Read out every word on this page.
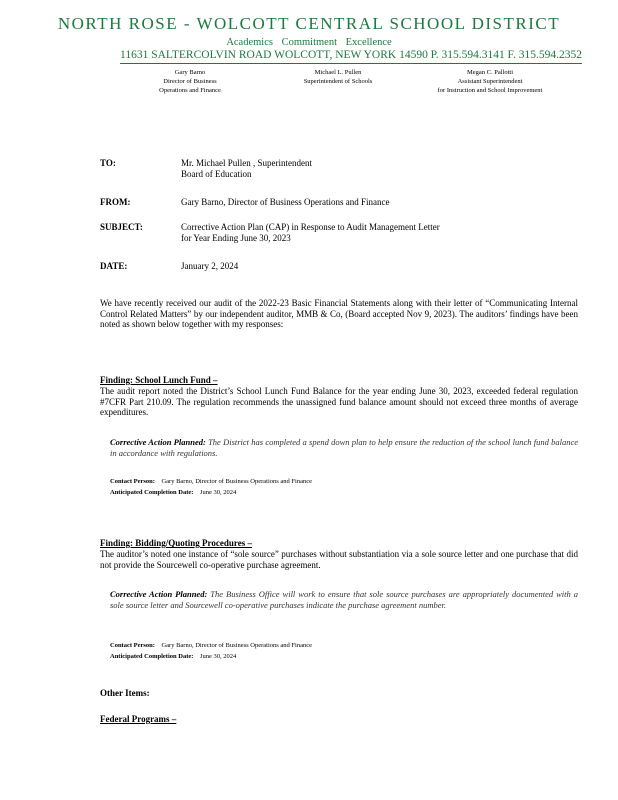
NORTH ROSE - WOLCOTT CENTRAL SCHOOL DISTRICT
Academics Commitment Excellence
11631 SALTERCOLVIN ROAD WOLCOTT, NEW YORK 14590 P. 315.594.3141 F. 315.594.2352
Gary Barno
Director of Business
Operations and Finance
Michael L. Pullen
Superintendent of Schools
Megan C. Pallotti
Assistant Superintendent
for Instruction and School Improvement
TO:	Mr. Michael Pullen , Superintendent
Board of Education
FROM:	Gary Barno, Director of Business Operations and Finance
SUBJECT:	Corrective Action Plan (CAP) in Response to Audit Management Letter
for Year Ending June 30, 2023
DATE:	January 2, 2024
We have recently received our audit of the 2022-23 Basic Financial Statements along with their letter of “Communicating Internal Control Related Matters” by our independent auditor, MMB & Co, (Board accepted Nov 9, 2023). The auditors’ findings have been noted as shown below together with my responses:
Finding: School Lunch Fund –
The audit report noted the District’s School Lunch Fund Balance for the year ending June 30, 2023, exceeded federal regulation #7CFR Part 210.09. The regulation recommends the unassigned fund balance amount should not exceed three months of average expenditures.
Corrective Action Planned: The District has completed a spend down plan to help ensure the reduction of the school lunch fund balance in accordance with regulations.
Contact Person: Gary Barno, Director of Business Operations and Finance
Anticipated Completion Date: June 30, 2024
Finding: Bidding/Quoting Procedures –
The auditor’s noted one instance of “sole source” purchases without substantiation via a sole source letter and one purchase that did not provide the Sourcewell co-operative purchase agreement.
Corrective Action Planned: The Business Office will work to ensure that sole source purchases are appropriately documented with a sole source letter and Sourcewell co-operative purchases indicate the purchase agreement number.
Contact Person: Gary Barno, Director of Business Operations and Finance
Anticipated Completion Date: June 30, 2024
Other Items:
Federal Programs –
